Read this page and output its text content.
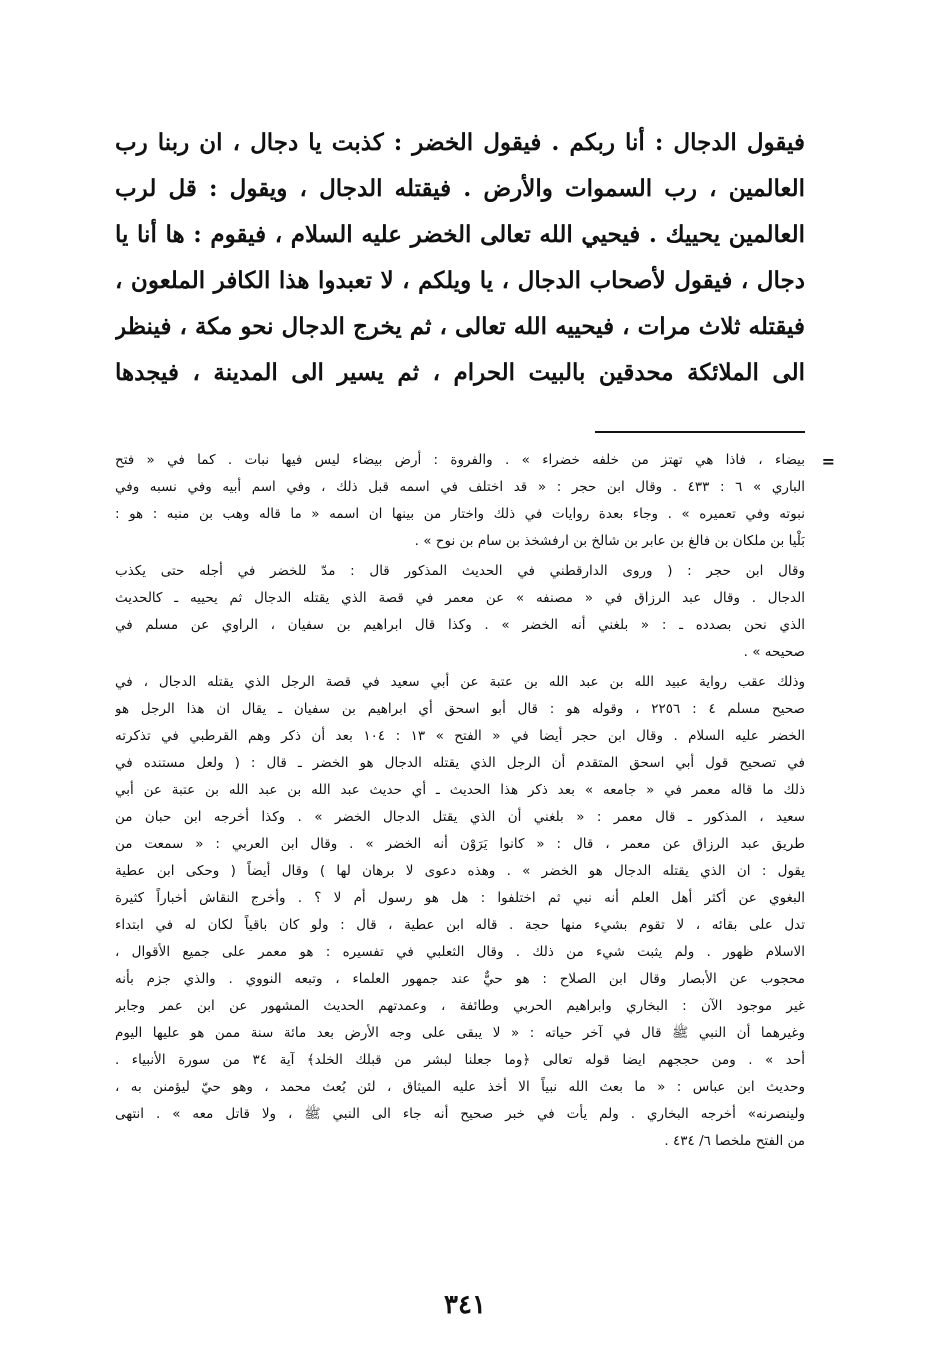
فيقول الدجال : أنا ربكم . فيقول الخضر : كذبت يا دجال ، ان ربنا رب
العالمين ، رب السموات والأرض . فيقتله الدجال ، ويقول : قل لرب
العالمين يحييك . فيحيي الله تعالى الخضر عليه السلام ، فيقوم : ها أنا يا
دجال ، فيقول لأصحاب الدجال ، يا ويلكم ، لا تعبدوا هذا الكافر الملعون ،
فيقتله ثلاث مرات ، فيحييه الله تعالى ، ثم يخرج الدجال نحو مكة ، فينظر
الى الملائكة محدقين بالبيت الحرام ، ثم يسير الى المدينة ، فيجدها
=
بيضاء ، فاذا هي تهتز من خلفه خضراء » . والفروة : أرض بيضاء ليس فيها نبات . كما في « فتح
الباري » ٦ : ٤٣٣ . وقال ابن حجر : « قد اختلف في اسمه قبل ذلك ، وفي اسم أبيه وفي نسبه وفي
نبوته وفي تعميره » . وجاء بعدة روايات في ذلك واختار من بينها ان اسمه « ما قاله وهب بن منبه : هو :
بَلْيا بن ملكان بن فالغ بن عابر بن شالخ بن ارفشخذ بن سام بن نوح » .
وقال ابن حجر : ( وروى الدارقطني في الحديث المذكور قال : مدّ للخضر في أجله حتى يكذب
الدجال . وقال عبد الرزاق في « مصنفه » عن معمر في قصة الذي يقتله الدجال ثم يحييه ـ كالحديث
الذي نحن بصدده ـ : « بلغني أنه الخضر » . وكذا قال ابراهيم بن سفيان ، الراوي عن مسلم في
صحيحه » .
وذلك عقب رواية عبيد الله بن عبد الله بن عتبة عن أبي سعيد في قصة الرجل الذي يقتله الدجال ، في
صحيح مسلم ٤ : ٢٢٥٦ ، وقوله هو : قال أبو اسحق أي ابراهيم بن سفيان ـ يقال ان هذا الرجل هو
الخضر عليه السلام . وقال ابن حجر أيضا في « الفتح » ١٣ : ١٠٤ بعد أن ذكر وهم القرطبي في تذكرته
في تصحيح قول أبي اسحق المتقدم أن الرجل الذي يقتله الدجال هو الخضر ـ قال : ( ولعل مستنده في
ذلك ما قاله معمر في « جامعه » بعد ذكر هذا الحديث ـ أي حديث عبد الله بن عبد الله بن عتبة عن أبي
سعيد ، المذكور ـ قال معمر : « بلغني أن الذي يقتل الدجال الخضر » . وكذا أخرجه ابن حبان من
طريق عبد الرزاق عن معمر ، قال : « كانوا يَرَوْن أنه الخضر » . وقال ابن العربي : « سمعت من
يقول : ان الذي يقتله الدجال هو الخضر » . وهذه دعوى لا برهان لها ) وقال أيضاً ( وحكى ابن عطية
البغوي عن أكثر أهل العلم أنه نبي ثم اختلفوا : هل هو رسول أم لا ؟ . وأخرج النقاش أخباراً كثيرة
تدل على بقائه ، لا تقوم بشيء منها حجة . قاله ابن عطية ، قال : ولو كان باقياً لكان له في ابتداء
الاسلام ظهور . ولم يثبت شيء من ذلك . وقال الثعلبي في تفسيره : هو معمر على جميع الأقوال ،
محجوب عن الأبصار وقال ابن الصلاح : هو حيٌّ عند جمهور العلماء ، وتبعه النووي . والذي جزم بأنه
غير موجود الآن : البخاري وابراهيم الحربي وطائفة ، وعمدتهم الحديث المشهور عن ابن عمر وجابر
وغيرهما أن النبي ﷺ قال في آخر حياته : « لا يبقى على وجه الأرض بعد مائة سنة ممن هو عليها اليوم
أحد » . ومن حججهم ايضا قوله تعالى ﴿وما جعلنا لبشر من قبلك الخلد﴾ آية ٣٤ من سورة الأنبياء .
وحديث ابن عباس : « ما بعث الله نبياً الا أخذ عليه الميثاق ، لئن بُعث محمد ، وهو حيّ ليؤمنن به ،
ولينصرنه» أخرجه البخاري . ولم يأت في خبر صحيح أنه جاء الى النبي ﷺ ، ولا قاتل معه » . انتهى
من الفتح ملخصا ٦/ ٤٣٤ .
٣٤١
